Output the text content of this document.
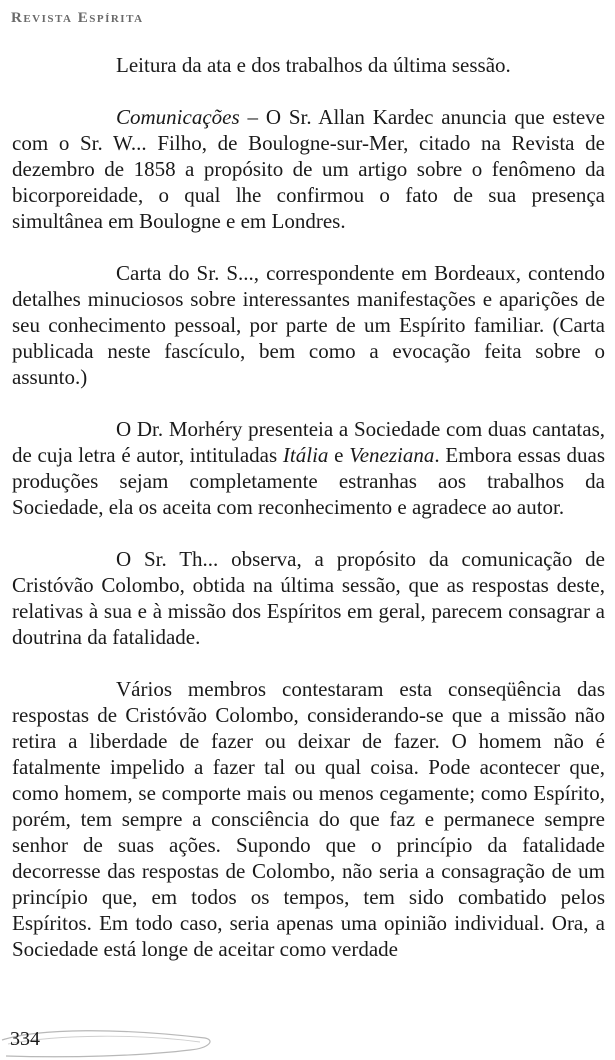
Revista Espírita

Leitura da ata e dos trabalhos da última sessão.

Comunicações – O Sr. Allan Kardec anuncia que esteve com o Sr. W... Filho, de Boulogne-sur-Mer, citado na Revista de dezembro de 1858 a propósito de um artigo sobre o fenômeno da bicorporeidade, o qual lhe confirmou o fato de sua presença simultânea em Boulogne e em Londres.

Carta do Sr. S..., correspondente em Bordeaux, contendo detalhes minuciosos sobre interessantes manifestações e aparições de seu conhecimento pessoal, por parte de um Espírito familiar. (Carta publicada neste fascículo, bem como a evocação feita sobre o assunto.)

O Dr. Morhéry presenteia a Sociedade com duas cantatas, de cuja letra é autor, intituladas Itália e Veneziana. Embora essas duas produções sejam completamente estranhas aos trabalhos da Sociedade, ela os aceita com reconhecimento e agradece ao autor.

O Sr. Th... observa, a propósito da comunicação de Cristóvão Colombo, obtida na última sessão, que as respostas deste, relativas à sua e à missão dos Espíritos em geral, parecem consagrar a doutrina da fatalidade.

Vários membros contestaram esta conseqüência das respostas de Cristóvão Colombo, considerando-se que a missão não retira a liberdade de fazer ou deixar de fazer. O homem não é fatalmente impelido a fazer tal ou qual coisa. Pode acontecer que, como homem, se comporte mais ou menos cegamente; como Espírito, porém, tem sempre a consciência do que faz e permanece sempre senhor de suas ações. Supondo que o princípio da fatalidade decorresse das respostas de Colombo, não seria a consagração de um princípio que, em todos os tempos, tem sido combatido pelos Espíritos. Em todo caso, seria apenas uma opinião individual. Ora, a Sociedade está longe de aceitar como verdade

334
